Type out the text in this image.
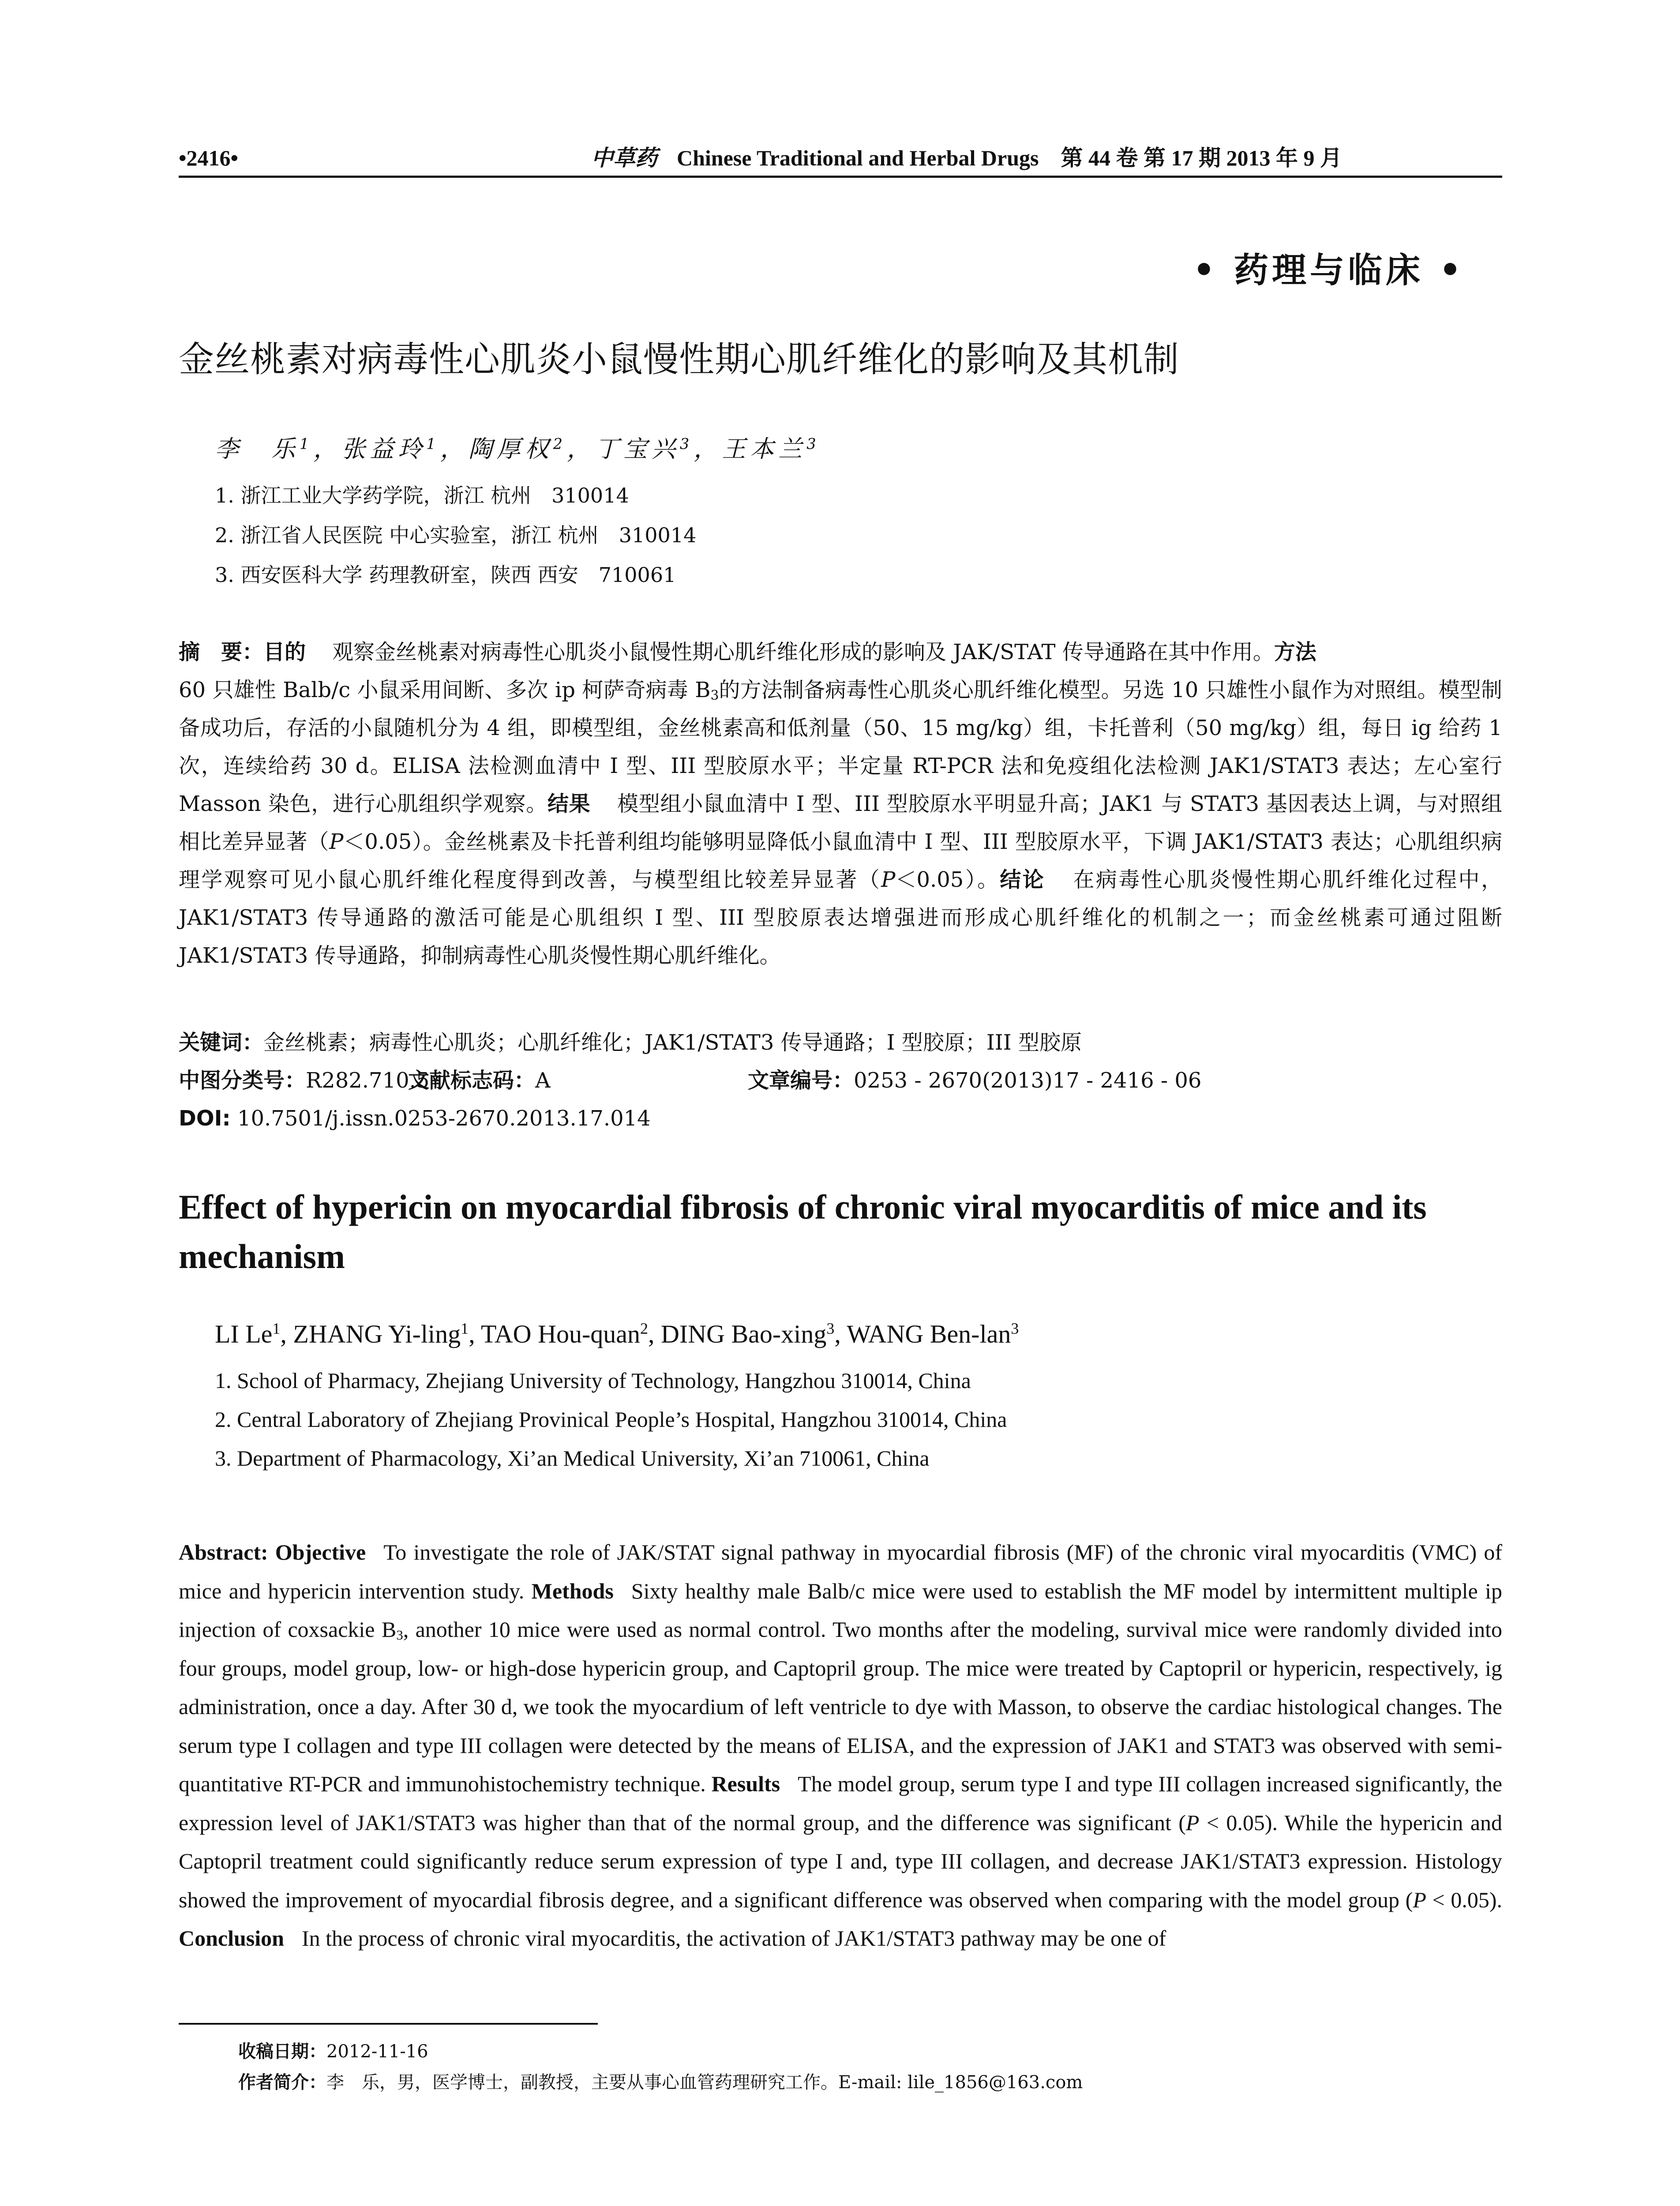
•2416•	中草药 Chinese Traditional and Herbal Drugs 第 44 卷 第 17 期 2013 年 9 月
• 药理与临床 •
金丝桃素对病毒性心肌炎小鼠慢性期心肌纤维化的影响及其机制
李　乐$^1$，张益玲$^1$，陶厚权$^2$，丁宝兴$^3$，王本兰$^3$
1. 浙江工业大学药学院，浙江 杭州　310014
2. 浙江省人民医院 中心实验室，浙江 杭州　310014
3. 西安医科大学 药理教研室，陕西 西安　710061
摘　要：目的 观察金丝桃素对病毒性心肌炎小鼠慢性期心肌纤维化形成的影响及 JAK/STAT 传导通路在其中作用。方法
60 只雄性 Balb/c 小鼠采用间断、多次 ip 柯萨奇病毒 $B_3$的方法制备病毒性心肌炎心肌纤维化模型。另选 10 只雄性小鼠作为对照组。模型制备成功后，存活的小鼠随机分为 4 组，即模型组，金丝桃素高和低剂量（50、15 mg/kg）组，卡托普利（50 mg/kg）组，每日 ig 给药 1 次，连续给药 30 d。ELISA 法检测血清中 I 型、III 型胶原水平；半定量 RT-PCR 法和免疫组化法检测 JAK1/STAT3 表达；左心室行 Masson 染色，进行心肌组织学观察。结果 模型组小鼠血清中 I 型、III 型胶原水平明显升高；JAK1 与 STAT3 基因表达上调，与对照组相比差异显著（P＜0.05）。金丝桃素及卡托普利组均能够明显降低小鼠血清中 I 型、III 型胶原水平，下调 JAK1/STAT3 表达；心肌组织病理学观察可见小鼠心肌纤维化程度得到改善，与模型组比较差异显著（P＜0.05）。结论 在病毒性心肌炎慢性期心肌纤维化过程中，JAK1/STAT3 传导通路的激活可能是心肌组织 I 型、III 型胶原表达增强进而形成心肌纤维化的机制之一；而金丝桃素可通过阻断 JAK1/STAT3 传导通路，抑制病毒性心肌炎慢性期心肌纤维化。
关键词：金丝桃素；病毒性心肌炎；心肌纤维化；JAK1/STAT3 传导通路；I 型胶原；III 型胶原
中图分类号：R282.710.5文献标志码：A	文章编号：0253 - 2670(2013)17 - 2416 - 06
DOI: 10.7501/j.issn.0253-2670.2013.17.014
Effect of hypericin on myocardial fibrosis of chronic viral myocarditis of mice and its mechanism
LI Le$^1$, ZHANG Yi-ling$^1$, TAO Hou-quan$^2$, DING Bao-xing$^3$, WANG Ben-lan$^3$
1. School of Pharmacy, Zhejiang University of Technology, Hangzhou 310014, China
2. Central Laboratory of Zhejiang Provinical People’s Hospital, Hangzhou 310014, China
3. Department of Pharmacology, Xi’an Medical University, Xi’an 710061, China
Abstract: Objective To investigate the role of JAK/STAT signal pathway in myocardial fibrosis (MF) of the chronic viral myocarditis (VMC) of mice and hypericin intervention study. Methods Sixty healthy male Balb/c mice were used to establish the MF model by intermittent multiple ip injection of coxsackie $B_3$, another 10 mice were used as normal control. Two months after the modeling, survival mice were randomly divided into four groups, model group, low- or high-dose hypericin group, and Captopril group. The mice were treated by Captopril or hypericin, respectively, ig administration, once a day. After 30 d, we took the myocardium of left ventricle to dye with Masson, to observe the cardiac histological changes. The serum type I collagen and type III collagen were detected by the means of ELISA, and the expression of JAK1 and STAT3 was observed with semi-quantitative RT-PCR and immunohistochemistry technique. Results The model group, serum type I and type III collagen increased significantly, the expression level of JAK1/STAT3 was higher than that of the normal group, and the difference was significant (P < 0.05). While the hypericin and Captopril treatment could significantly reduce serum expression of type I and, type III collagen, and decrease JAK1/STAT3 expression. Histology showed the improvement of myocardial fibrosis degree, and a significant difference was observed when comparing with the model group (P < 0.05). Conclusion In the process of chronic viral myocarditis, the activation of JAK1/STAT3 pathway may be one of
收稿日期：2012-11-16
作者简介：李　乐，男，医学博士，副教授，主要从事心血管药理研究工作。E-mail: lile_1856@163.com
